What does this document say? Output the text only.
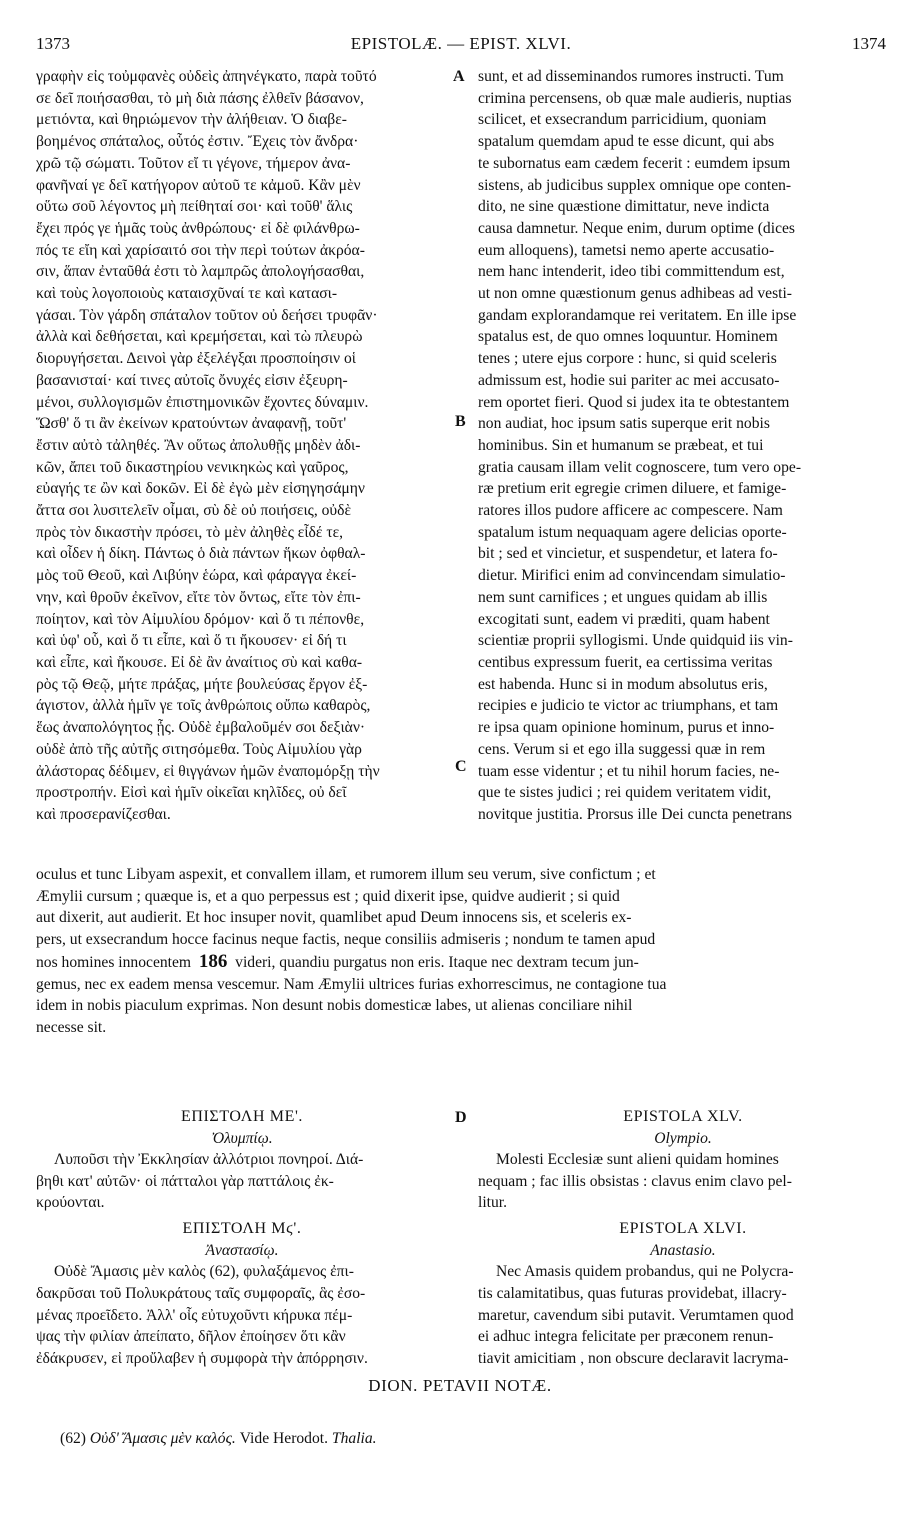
1373	EPISTOLÆ. — EPIST. XLVI.	1374

γραφὴν εἰς τοὐμφανὲς οὐδεὶς ἀπηνέγκατο, παρὰ τοῦτό

σε δεῖ ποιήσασθαι, τὸ μὴ διὰ πάσης ἐλθεῖν βάσανον,

μετιόντα, καὶ θηριώμενον τὴν ἀλήθειαν. Ὁ διαβε-

βοημένος σπάταλος, οὗτός ἐστιν. Ἔχεις τὸν ἄνδρα·

χρῶ τῷ σώματι. Τοῦτον εἴ τι γέγονε, τήμερον ἀνα-

φανῆναί γε δεῖ κατήγορον αὐτοῦ τε κἀμοῦ. Κἂν μὲν

οὕτω σοῦ λέγοντος μὴ πείθηταί σοι· καὶ τοῦθ' ἅλις

ἔχει πρός γε ἡμᾶς τοὺς ἀνθρώπους· εἰ δὲ φιλάνθρω-

πός τε εἴη καὶ χαρίσαιτό σοι τὴν περὶ τούτων ἀκρόα-

σιν, ἅπαν ἐνταῦθά ἐστι τὸ λαμπρῶς ἀπολογήσασθαι,

καὶ τοὺς λογοποιοὺς καταισχῦναί τε καὶ κατασι-

γάσαι. Τὸν γάρδη σπάταλον τοῦτον οὐ δεήσει τρυφᾶν·

ἀλλὰ καὶ δεθήσεται, καὶ κρεμήσεται, καὶ τὼ πλευρὼ

διορυγήσεται. Δεινοὶ γὰρ ἐξελέγξαι προσποίησιν οἱ

βασανισταί· καί τινες αὐτοῖς ὄνυχές εἰσιν ἐξευρη-

μένοι, συλλογισμῶν ἐπιστημονικῶν ἔχοντες δύναμιν.

Ὥσθ' ὅ τι ἂν ἐκείνων κρατούντων ἀναφανῇ, τοῦτ'

ἔστιν αὐτὸ τἀληθές. Ἂν οὕτως ἀπολυθῇς μηδὲν ἀδι-

κῶν, ἄπει τοῦ δικαστηρίου νενικηκὼς καὶ γαῦρος,

εὐαγής τε ὢν καὶ δοκῶν. Εἰ δὲ ἐγὼ μὲν εἰσηγησάμην

ἄττα σοι λυσιτελεῖν οἶμαι, σὺ δὲ οὐ ποιήσεις, οὐδὲ

πρὸς τὸν δικαστὴν πρόσει, τὸ μὲν ἀληθὲς εἶδέ τε,

καὶ οἶδεν ἡ δίκη. Πάντως ὁ διὰ πάντων ἥκων ὀφθαλ-

μὸς τοῦ Θεοῦ, καὶ Λιβύην ἑώρα, καὶ φάραγγα ἐκεί-

νην, καὶ θροῦν ἐκεῖνον, εἴτε τὸν ὄντως, εἴτε τὸν ἐπι-

ποίητον, καὶ τὸν Αἰμυλίου δρόμον· καὶ ὅ τι πέπονθε,

καὶ ὑφ' οὗ, καὶ ὅ τι εἶπε, καὶ ὅ τι ἤκουσεν· εἰ δή τι

καὶ εἶπε, καὶ ἤκουσε. Εἰ δὲ ἂν ἀναίτιος σὺ καὶ καθα-

ρὸς τῷ Θεῷ, μήτε πράξας, μήτε βουλεύσας ἔργον ἐξ-

άγιστον, ἀλλὰ ἡμῖν γε τοῖς ἀνθρώποις οὔπω καθαρὸς,

ἕως ἀναπολόγητος ᾖς. Οὐδὲ ἐμβαλοῦμέν σοι δεξιὰν·

οὐδὲ ἀπὸ τῆς αὐτῆς σιτησόμεθα. Τοὺς Αἰμυλίου γὰρ

ἀλάστορας δέδιμεν, εἰ θιγγάνων ἡμῶν ἐναπομόρξῃ τὴν

προστροπήν. Εἰσὶ καὶ ἡμῖν οἰκεῖαι κηλῖδες, οὐ δεῖ

καὶ προσερανίζεσθαι.

sunt, et ad disseminandos rumores instructi. Tum

crimina percensens, ob quæ male audieris, nuptias

scilicet, et exsecrandum parricidium, quoniam

spatalum quemdam apud te esse dicunt, qui abs

te subornatus eam cædem fecerit : eumdem ipsum

sistens, ab judicibus supplex omnique ope conten-

dito, ne sine quæstione dimittatur, neve indicta

causa damnetur. Neque enim, durum optime (dices

eum alloquens), tametsi nemo aperte accusatio-

nem hanc intenderit, ideo tibi committendum est,

ut non omne quæstionum genus adhibeas ad vesti-

gandam explorandamque rei veritatem. En ille ipse

spatalus est, de quo omnes loquuntur. Hominem

tenes ; utere ejus corpore : hunc, si quid sceleris

admissum est, hodie sui pariter ac mei accusato-

rem oportet fieri. Quod si judex ita te obtestantem

non audiat, hoc ipsum satis superque erit nobis

hominibus. Sin et humanum se præbeat, et tui

gratia causam illam velit cognoscere, tum vero ope-

ræ pretium erit egregie crimen diluere, et famige-

ratores illos pudore afficere ac compescere. Nam

spatalum istum nequaquam agere delicias oporte-

bit ; sed et vincietur, et suspendetur, et latera fo-

dietur. Mirifici enim ad convincendam simulatio-

nem sunt carnifices ; et ungues quidam ab illis

excogitati sunt, eadem vi præditi, quam habent

scientiæ proprii syllogismi. Unde quidquid iis vin-

centibus expressum fuerit, ea certissima veritas

est habenda. Hunc si in modum absolutus eris,

recipies e judicio te victor ac triumphans, et tam

re ipsa quam opinione hominum, purus et inno-

cens. Verum si et ego illa suggessi quæ in rem

tuam esse videntur ; et tu nihil horum facies, ne-

que te sistes judici ; rei quidem veritatem vidit,

novitque justitia. Prorsus ille Dei cuncta penetrans

A
B
C
D

oculus et tunc Libyam aspexit, et convallem illam, et rumorem illum seu verum, sive confictum ; et

Æmylii cursum ; quæque is, et a quo perpessus est ; quid dixerit ipse, quidve audierit ; si quid

aut dixerit, aut audierit. Et hoc insuper novit, quamlibet apud Deum innocens sis, et sceleris ex-

pers, ut exsecrandum hocce facinus neque factis, neque consiliis admiseris ; nondum te tamen apud

nos homines innocentem 186 videri, quandiu purgatus non eris. Itaque nec dextram tecum jun-

gemus, nec ex eadem mensa vescemur. Nam Æmylii ultrices furias exhorrescimus, ne contagione tua

idem in nobis piaculum exprimas. Non desunt nobis domesticæ labes, ut alienas conciliare nihil

necesse sit.

ΕΠΙΣΤΟΛΗ ΜΕ'.

Ὀλυμπίῳ.

Λυποῦσι τὴν Ἐκκλησίαν ἀλλότριοι πονηροί. Διά-

βηθι κατ' αὐτῶν· οἱ πάτταλοι γὰρ παττάλοις ἐκ-

κρούονται.

ΕΠΙΣΤΟΛΗ Μϛ'.

Ἀναστασίῳ.

Οὐδὲ Ἄμασις μὲν καλὸς (62), φυλαξάμενος ἐπι-

δακρῦσαι τοῦ Πολυκράτους ταῖς συμφοραῖς, ἃς ἐσο-

μένας προεῖδετο. Ἀλλ' οἷς εὐτυχοῦντι κήρυκα πέμ-

ψας τὴν φιλίαν ἀπείπατο, δῆλον ἐποίησεν ὅτι κἂν

ἐδάκρυσεν, εἰ προὔλαβεν ἡ συμφορὰ τὴν ἀπόρρησιν.

EPISTOLA XLV.

Olympio.

Molesti Ecclesiæ sunt alieni quidam homines

nequam ; fac illis obsistas : clavus enim clavo pel-

litur.

EPISTOLA XLVI.

Anastasio.

Nec Amasis quidem probandus, qui ne Polycra-

tis calamitatibus, quas futuras providebat, illacry-

maretur, cavendum sibi putavit. Verumtamen quod

ei adhuc integra felicitate per præconem renun-

tiavit amicitiam , non obscure declaravit lacryma-

DION. PETAVII NOTÆ.
(62) Οὐδ' Ἄμασις μὲν καλός. Vide Herodot. Thalia.
